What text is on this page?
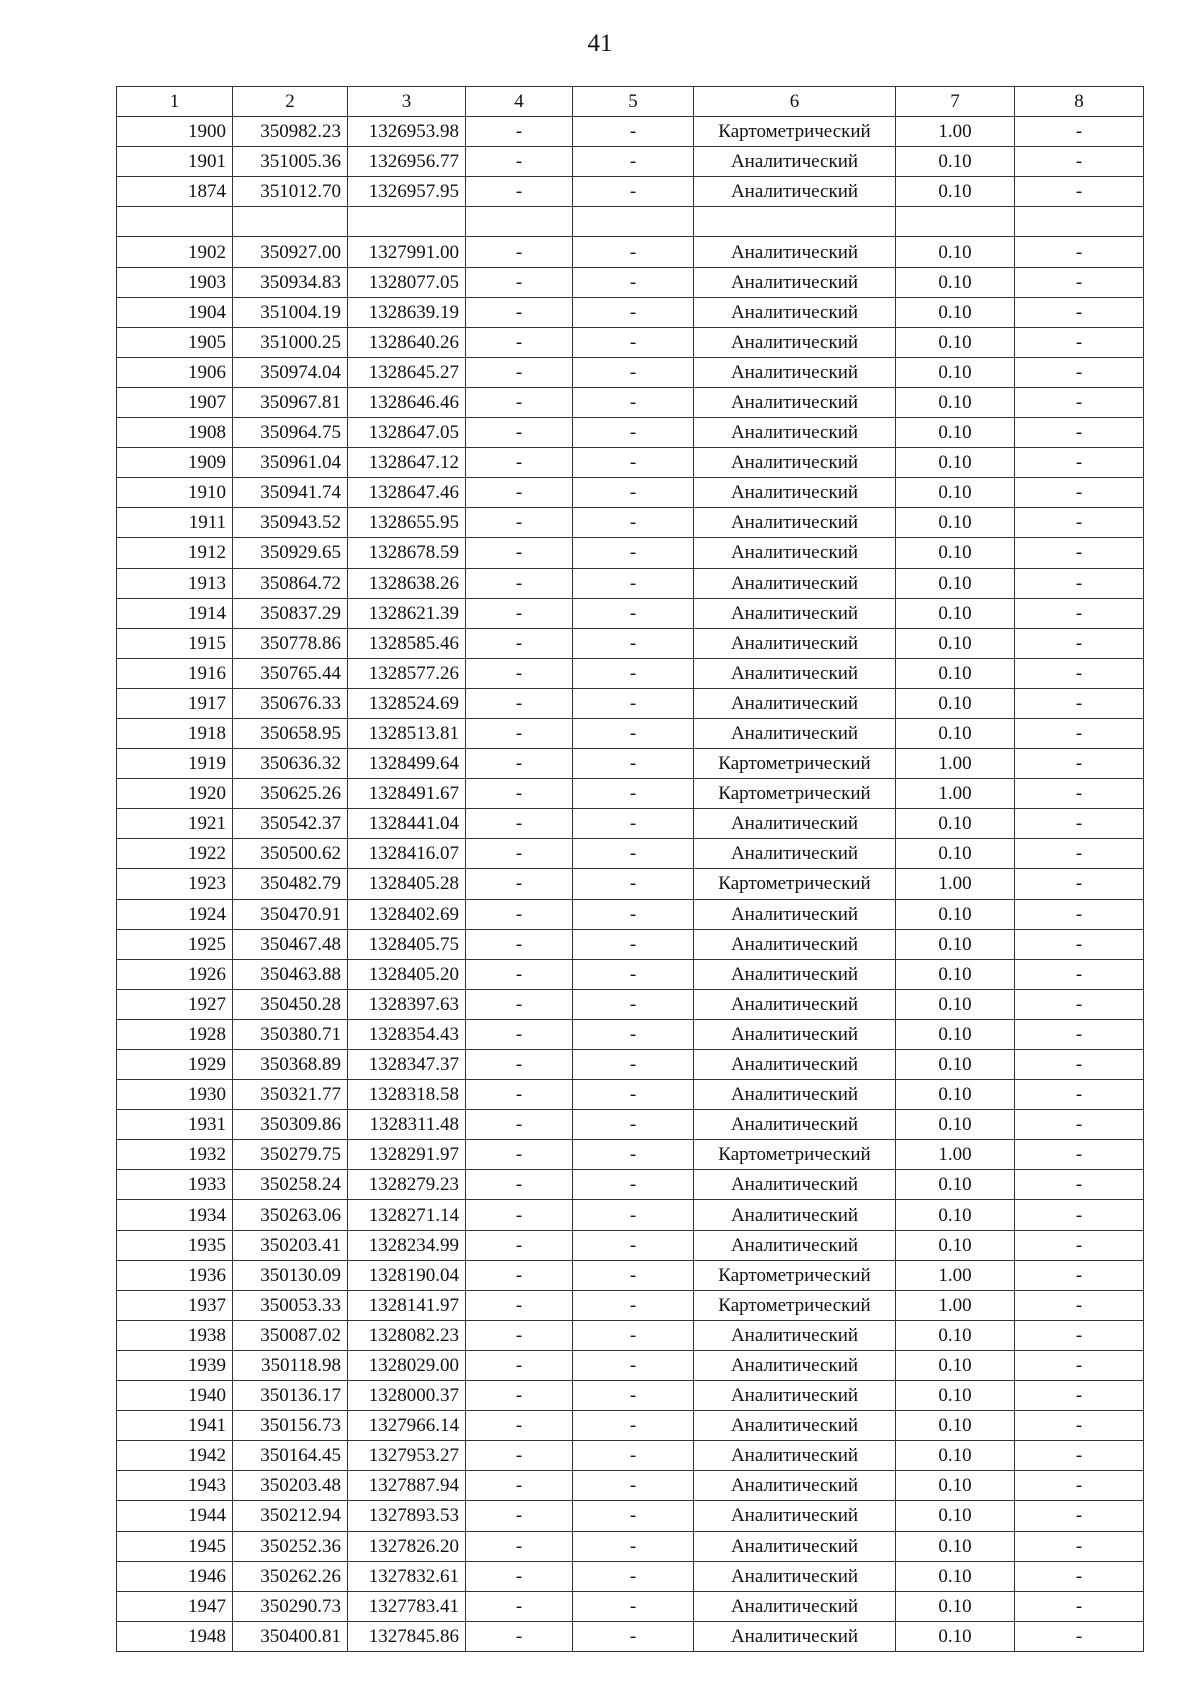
41
1	2	3	4	5	6	7	8
1900	350982.23	1326953.98	-	-	Картометрический	1.00	-
1901	351005.36	1326956.77	-	-	Аналитический	0.10	-
1874	351012.70	1326957.95	-	-	Аналитический	0.10	-

1902	350927.00	1327991.00	-	-	Аналитический	0.10	-
1903	350934.83	1328077.05	-	-	Аналитический	0.10	-
1904	351004.19	1328639.19	-	-	Аналитический	0.10	-
1905	351000.25	1328640.26	-	-	Аналитический	0.10	-
1906	350974.04	1328645.27	-	-	Аналитический	0.10	-
1907	350967.81	1328646.46	-	-	Аналитический	0.10	-
1908	350964.75	1328647.05	-	-	Аналитический	0.10	-
1909	350961.04	1328647.12	-	-	Аналитический	0.10	-
1910	350941.74	1328647.46	-	-	Аналитический	0.10	-
1911	350943.52	1328655.95	-	-	Аналитический	0.10	-
1912	350929.65	1328678.59	-	-	Аналитический	0.10	-
1913	350864.72	1328638.26	-	-	Аналитический	0.10	-
1914	350837.29	1328621.39	-	-	Аналитический	0.10	-
1915	350778.86	1328585.46	-	-	Аналитический	0.10	-
1916	350765.44	1328577.26	-	-	Аналитический	0.10	-
1917	350676.33	1328524.69	-	-	Аналитический	0.10	-
1918	350658.95	1328513.81	-	-	Аналитический	0.10	-
1919	350636.32	1328499.64	-	-	Картометрический	1.00	-
1920	350625.26	1328491.67	-	-	Картометрический	1.00	-
1921	350542.37	1328441.04	-	-	Аналитический	0.10	-
1922	350500.62	1328416.07	-	-	Аналитический	0.10	-
1923	350482.79	1328405.28	-	-	Картометрический	1.00	-
1924	350470.91	1328402.69	-	-	Аналитический	0.10	-
1925	350467.48	1328405.75	-	-	Аналитический	0.10	-
1926	350463.88	1328405.20	-	-	Аналитический	0.10	-
1927	350450.28	1328397.63	-	-	Аналитический	0.10	-
1928	350380.71	1328354.43	-	-	Аналитический	0.10	-
1929	350368.89	1328347.37	-	-	Аналитический	0.10	-
1930	350321.77	1328318.58	-	-	Аналитический	0.10	-
1931	350309.86	1328311.48	-	-	Аналитический	0.10	-
1932	350279.75	1328291.97	-	-	Картометрический	1.00	-
1933	350258.24	1328279.23	-	-	Аналитический	0.10	-
1934	350263.06	1328271.14	-	-	Аналитический	0.10	-
1935	350203.41	1328234.99	-	-	Аналитический	0.10	-
1936	350130.09	1328190.04	-	-	Картометрический	1.00	-
1937	350053.33	1328141.97	-	-	Картометрический	1.00	-
1938	350087.02	1328082.23	-	-	Аналитический	0.10	-
1939	350118.98	1328029.00	-	-	Аналитический	0.10	-
1940	350136.17	1328000.37	-	-	Аналитический	0.10	-
1941	350156.73	1327966.14	-	-	Аналитический	0.10	-
1942	350164.45	1327953.27	-	-	Аналитический	0.10	-
1943	350203.48	1327887.94	-	-	Аналитический	0.10	-
1944	350212.94	1327893.53	-	-	Аналитический	0.10	-
1945	350252.36	1327826.20	-	-	Аналитический	0.10	-
1946	350262.26	1327832.61	-	-	Аналитический	0.10	-
1947	350290.73	1327783.41	-	-	Аналитический	0.10	-
1948	350400.81	1327845.86	-	-	Аналитический	0.10	-
